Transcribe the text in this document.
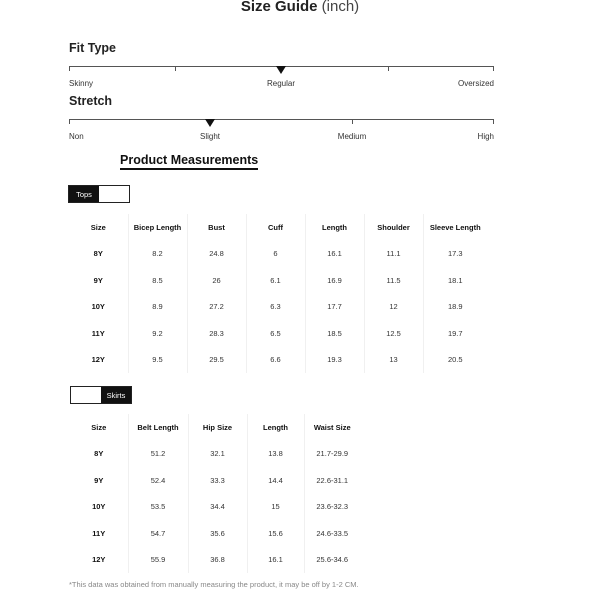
Size Guide (inch)
Fit Type
Skinny	Regular	Oversized
Stretch
Non	Slight	Medium	High
Product Measurements
Tops
Size	Bicep Length	Bust	Cuff	Length	Shoulder	Sleeve Length
8Y	8.2	24.8	6	16.1	11.1	17.3
9Y	8.5	26	6.1	16.9	11.5	18.1
10Y	8.9	27.2	6.3	17.7	12	18.9
11Y	9.2	28.3	6.5	18.5	12.5	19.7
12Y	9.5	29.5	6.6	19.3	13	20.5
Skirts
Size	Belt Length	Hip Size	Length	Waist Size
8Y	51.2	32.1	13.8	21.7-29.9
9Y	52.4	33.3	14.4	22.6-31.1
10Y	53.5	34.4	15	23.6-32.3
11Y	54.7	35.6	15.6	24.6-33.5
12Y	55.9	36.8	16.1	25.6-34.6
*This data was obtained from manually measuring the product, it may be off by 1-2 CM.
